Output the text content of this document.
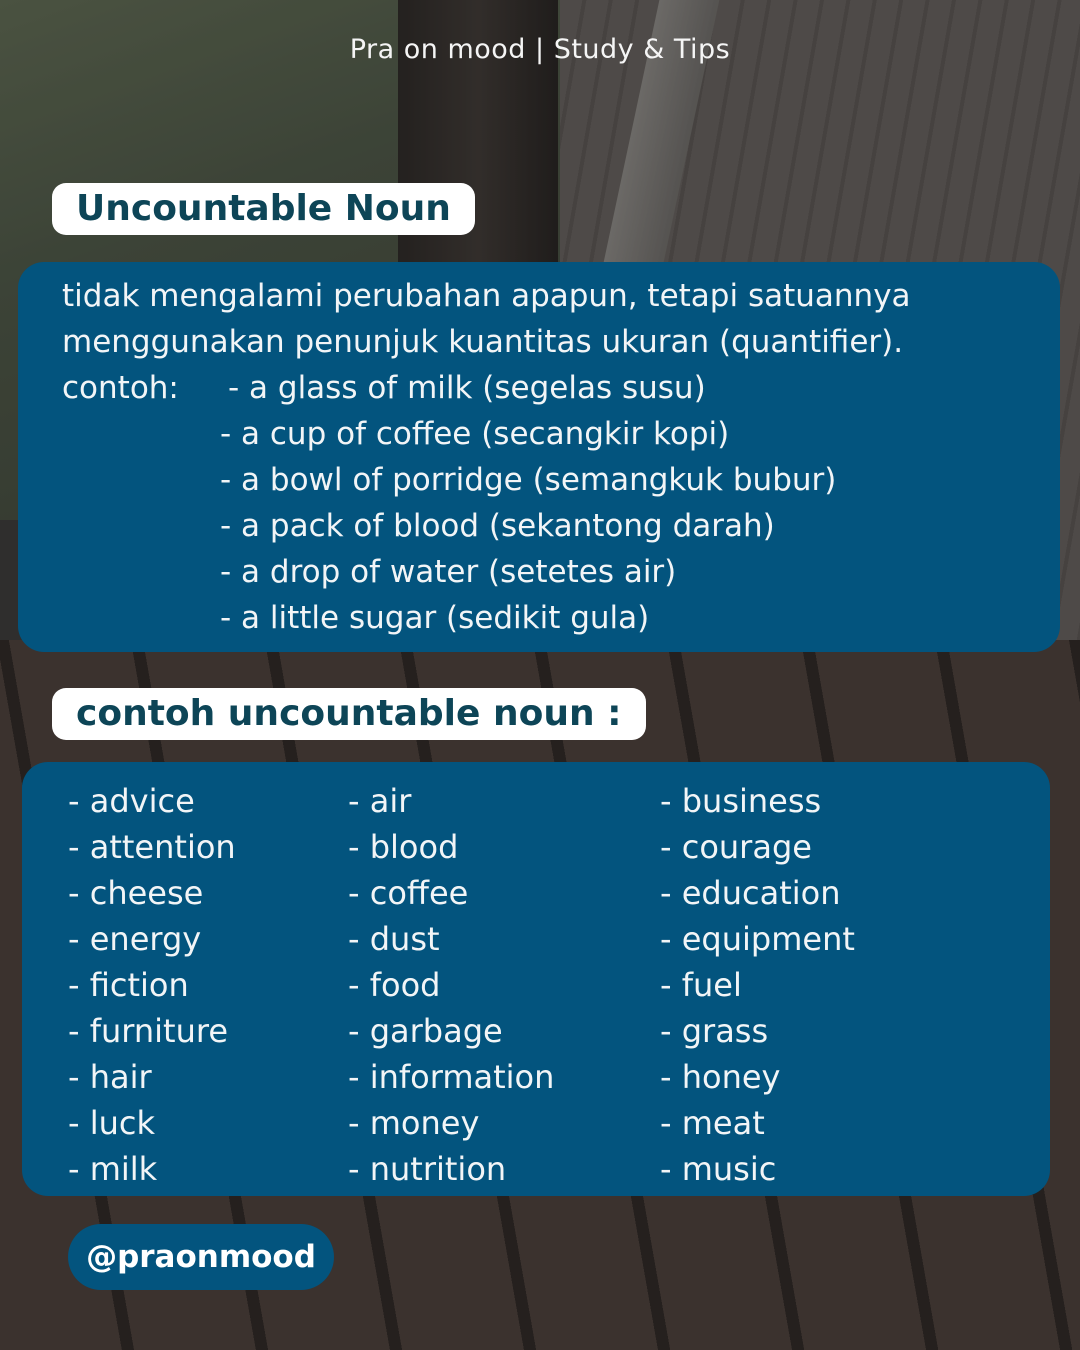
Pra on mood | Study & Tips
Uncountable Noun
tidak mengalami perubahan apapun, tetapi satuannya
menggunakan penunjuk kuantitas ukuran (quantifier).
contoh: - a glass of milk (segelas susu)
- a cup of coffee (secangkir kopi)
- a bowl of porridge (semangkuk bubur)
- a pack of blood (sekantong darah)
- a drop of water (setetes air)
- a little sugar (sedikit gula)
contoh uncountable noun :
- advice
- attention
- cheese
- energy
- fiction
- furniture
- hair
- luck
- milk
- air
- blood
- coffee
- dust
- food
- garbage
- information
- money
- nutrition
- business
- courage
- education
- equipment
- fuel
- grass
- honey
- meat
- music
@praonmood
